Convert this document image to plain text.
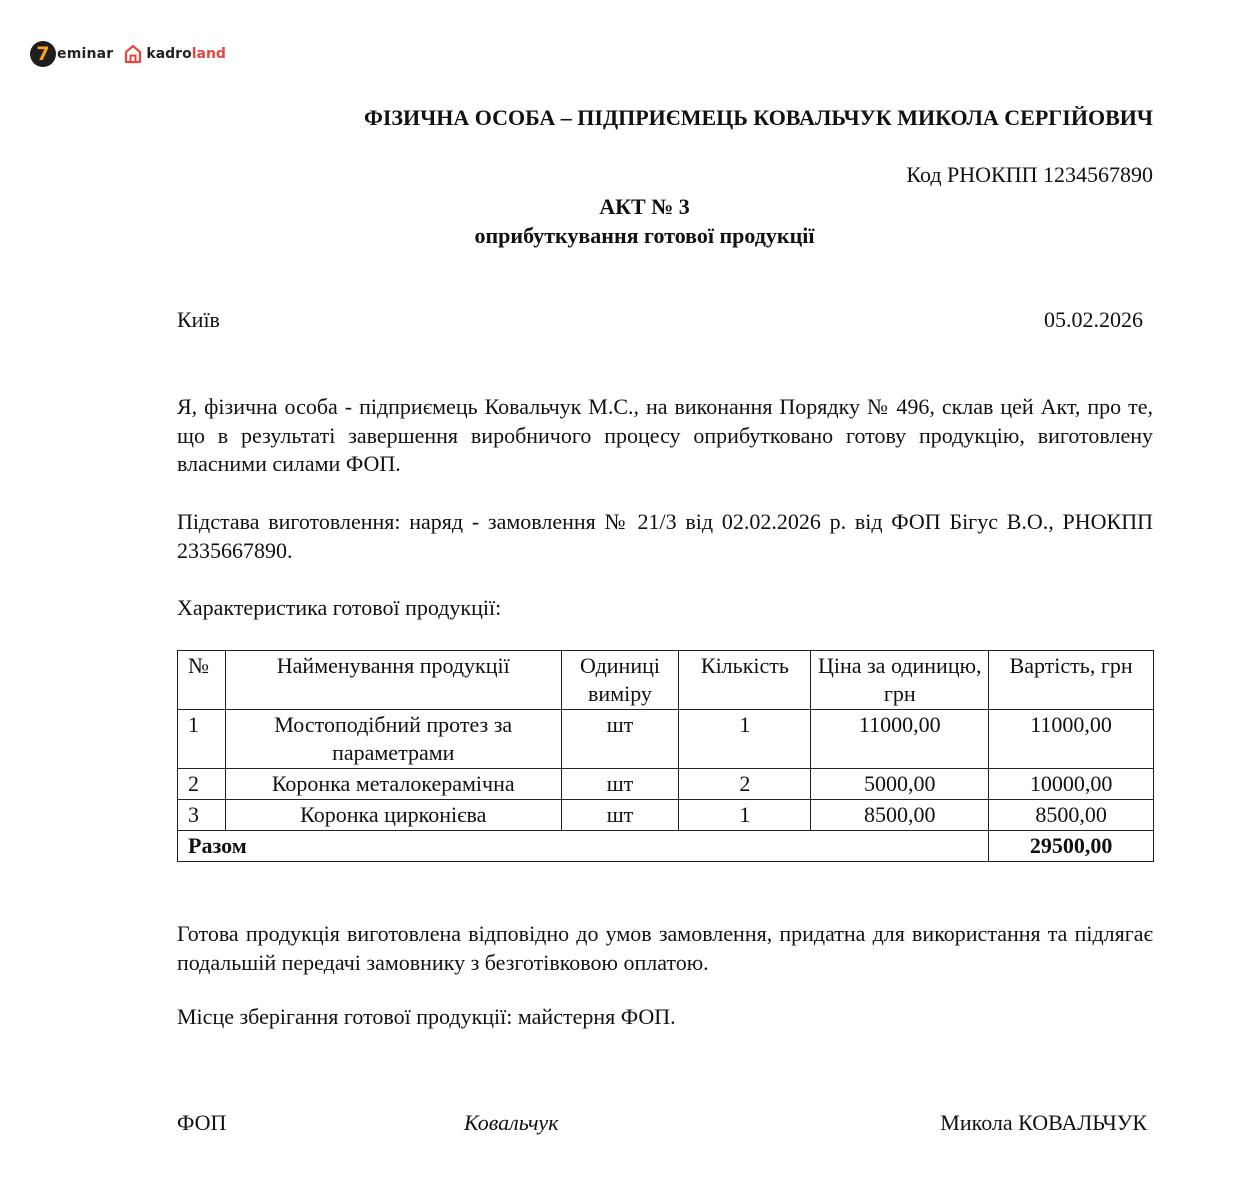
7 eminar kadroland

ФІЗИЧНА ОСОБА – ПІДПРИЄМЕЦЬ КОВАЛЬЧУК МИКОЛА СЕРГІЙОВИЧ

Код РНОКПП 1234567890

АКТ № 3
оприбуткування готової продукції

Київ	05.02.2026

Я, фізична особа - підприємець Ковальчук М.С., на виконання Порядку № 496, склав цей Акт, про те, що в результаті завершення виробничого процесу оприбутковано готову продукцію, виготовлену власними силами ФОП.

Підстава виготовлення: наряд - замовлення № 21/3 від 02.02.2026 р. від ФОП Бігус В.О., РНОКПП 2335667890.

Характеристика готової продукції:

№	Найменування продукції	Одиниці виміру	Кількість	Ціна за одиницю, грн	Вартість, грн
1	Мостоподібний протез за параметрами	шт	1	11000,00	11000,00
2	Коронка металокерамічна	шт	2	5000,00	10000,00
3	Коронка цирконієва	шт	1	8500,00	8500,00
Разом					29500,00

Готова продукція виготовлена відповідно до умов замовлення, придатна для використання та підлягає подальшій передачі замовнику з безготівковою оплатою.

Місце зберігання готової продукції: майстерня ФОП.

ФОП	Ковальчук	Микола КОВАЛЬЧУК
